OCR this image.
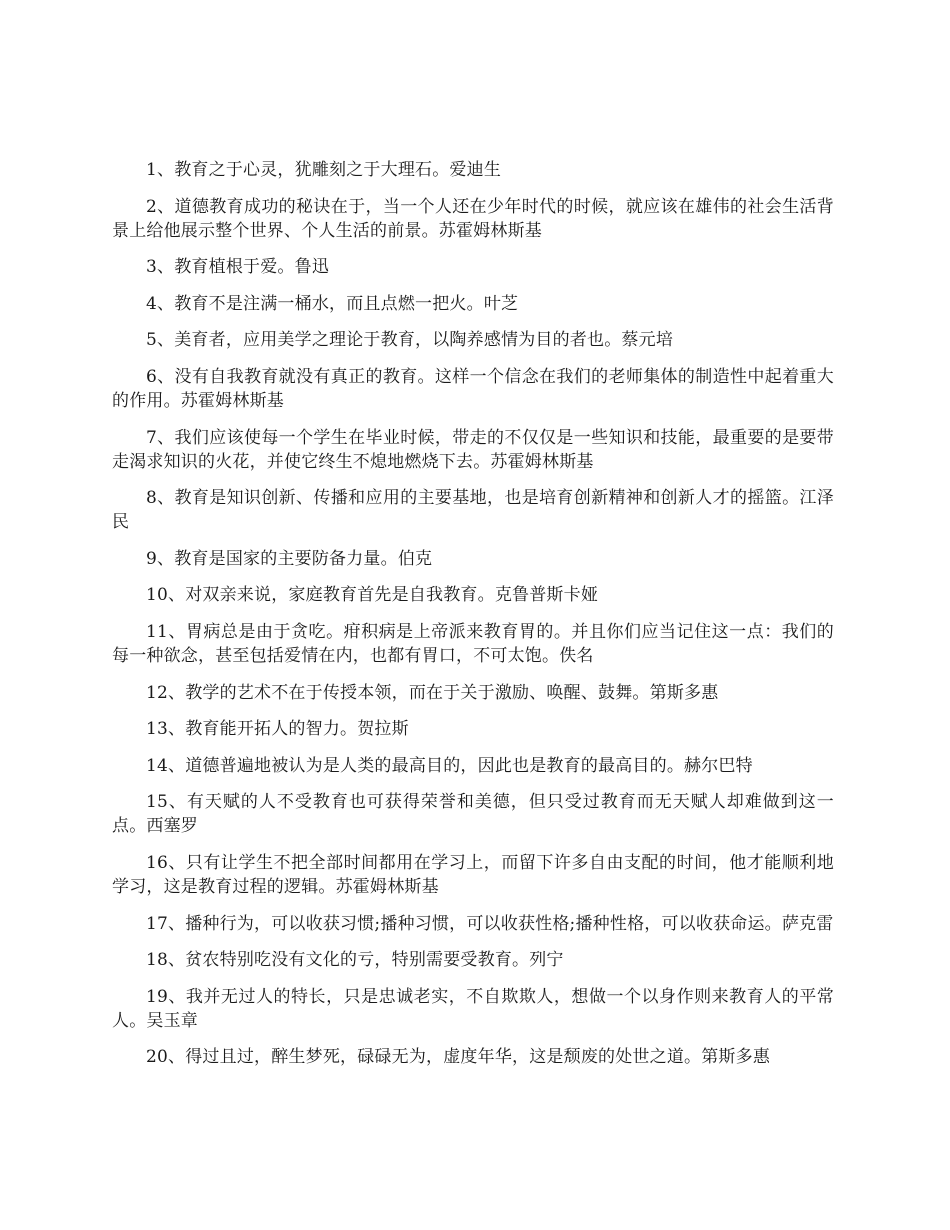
1、教育之于心灵，犹雕刻之于大理石。爱迪生

2、道德教育成功的秘诀在于，当一个人还在少年时代的时候，就应该在雄伟的社会生活背景上给他展示整个世界、个人生活的前景。苏霍姆林斯基

3、教育植根于爱。鲁迅

4、教育不是注满一桶水，而且点燃一把火。叶芝

5、美育者，应用美学之理论于教育，以陶养感情为目的者也。蔡元培

6、没有自我教育就没有真正的教育。这样一个信念在我们的老师集体的制造性中起着重大的作用。苏霍姆林斯基

7、我们应该使每一个学生在毕业时候，带走的不仅仅是一些知识和技能，最重要的是要带走渴求知识的火花，并使它终生不熄地燃烧下去。苏霍姆林斯基

8、教育是知识创新、传播和应用的主要基地，也是培育创新精神和创新人才的摇篮。江泽民

9、教育是国家的主要防备力量。伯克

10、对双亲来说，家庭教育首先是自我教育。克鲁普斯卡娅

11、胃病总是由于贪吃。疳积病是上帝派来教育胃的。并且你们应当记住这一点：我们的每一种欲念，甚至包括爱情在内，也都有胃口，不可太饱。佚名

12、教学的艺术不在于传授本领，而在于关于激励、唤醒、鼓舞。第斯多惠

13、教育能开拓人的智力。贺拉斯

14、道德普遍地被认为是人类的最高目的，因此也是教育的最高目的。赫尔巴特

15、有天赋的人不受教育也可获得荣誉和美德，但只受过教育而无天赋人却难做到这一点。西塞罗

16、只有让学生不把全部时间都用在学习上，而留下许多自由支配的时间，他才能顺利地学习，这是教育过程的逻辑。苏霍姆林斯基

17、播种行为，可以收获习惯;播种习惯，可以收获性格;播种性格，可以收获命运。萨克雷

18、贫农特别吃没有文化的亏，特别需要受教育。列宁

19、我并无过人的特长，只是忠诚老实，不自欺欺人，想做一个以身作则来教育人的平常人。吴玉章

20、得过且过，醉生梦死，碌碌无为，虚度年华，这是颓废的处世之道。第斯多惠
